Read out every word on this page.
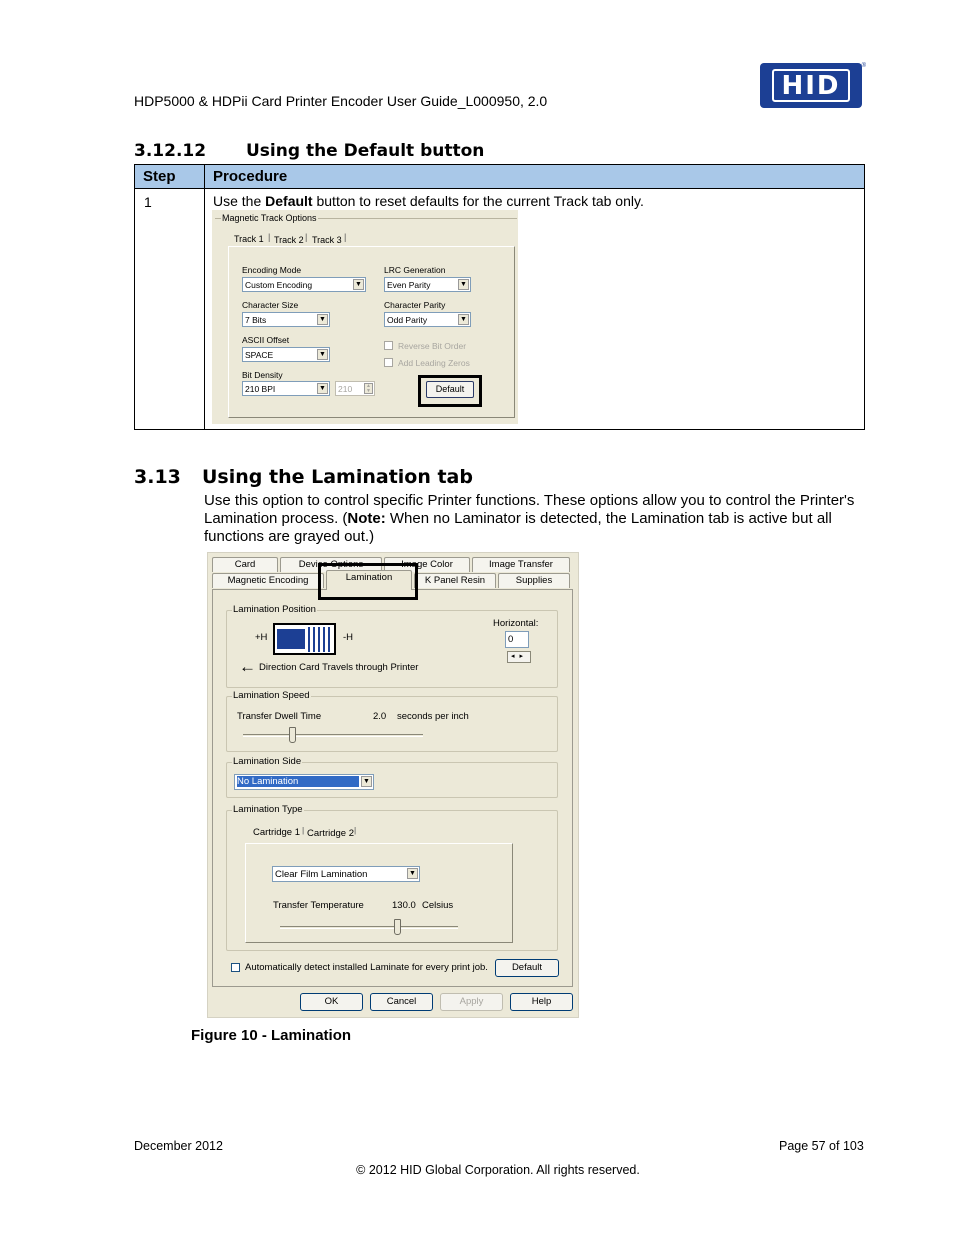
HDP5000 & HDPii Card Printer Encoder User Guide_L000950, 2.0
HID
®
3.12.12 Using the Default button
Step Procedure
1	Use the Default button to reset defaults for the current Track tab only.
Magnetic Track Options
Track 1 | Track 2 | Track 3 |
Encoding Mode
Custom Encoding	▼
LRC Generation
Even Parity	▼
Character Size
7 Bits	▼
Character Parity
Odd Parity	▼
ASCII Offset
SPACE	▼
Reverse Bit Order
Add Leading Zeros
Bit Density
210 BPI	▼	210	▲
▼	Default
3.13 Using the Lamination tab

Use this option to control specific Printer functions. These options allow you to control the Printer's Lamination process. (Note: When no Laminator is detected, the Lamination tab is active but all functions are grayed out.)

Card	Device Options	Image Color	Image Transfer
Magnetic Encoding	Lamination	K Panel Resin	Supplies
Lamination Position
+H	-H
Horizontal:
0
◂ ▸
← Direction Card Travels through Printer
Lamination Speed
Transfer Dwell Time	2.0 seconds per inch
Lamination Side
No Lamination	▼
Lamination Type
Cartridge 1 | Cartridge 2 |
Clear Film Lamination	▼
Transfer Temperature	130.0 Celsius
Automatically detect installed Laminate for every print job.	Default
OK	Cancel	Apply	Help
Figure 10 - Lamination
December 2012	Page 57 of 103
© 2012 HID Global Corporation. All rights reserved.
